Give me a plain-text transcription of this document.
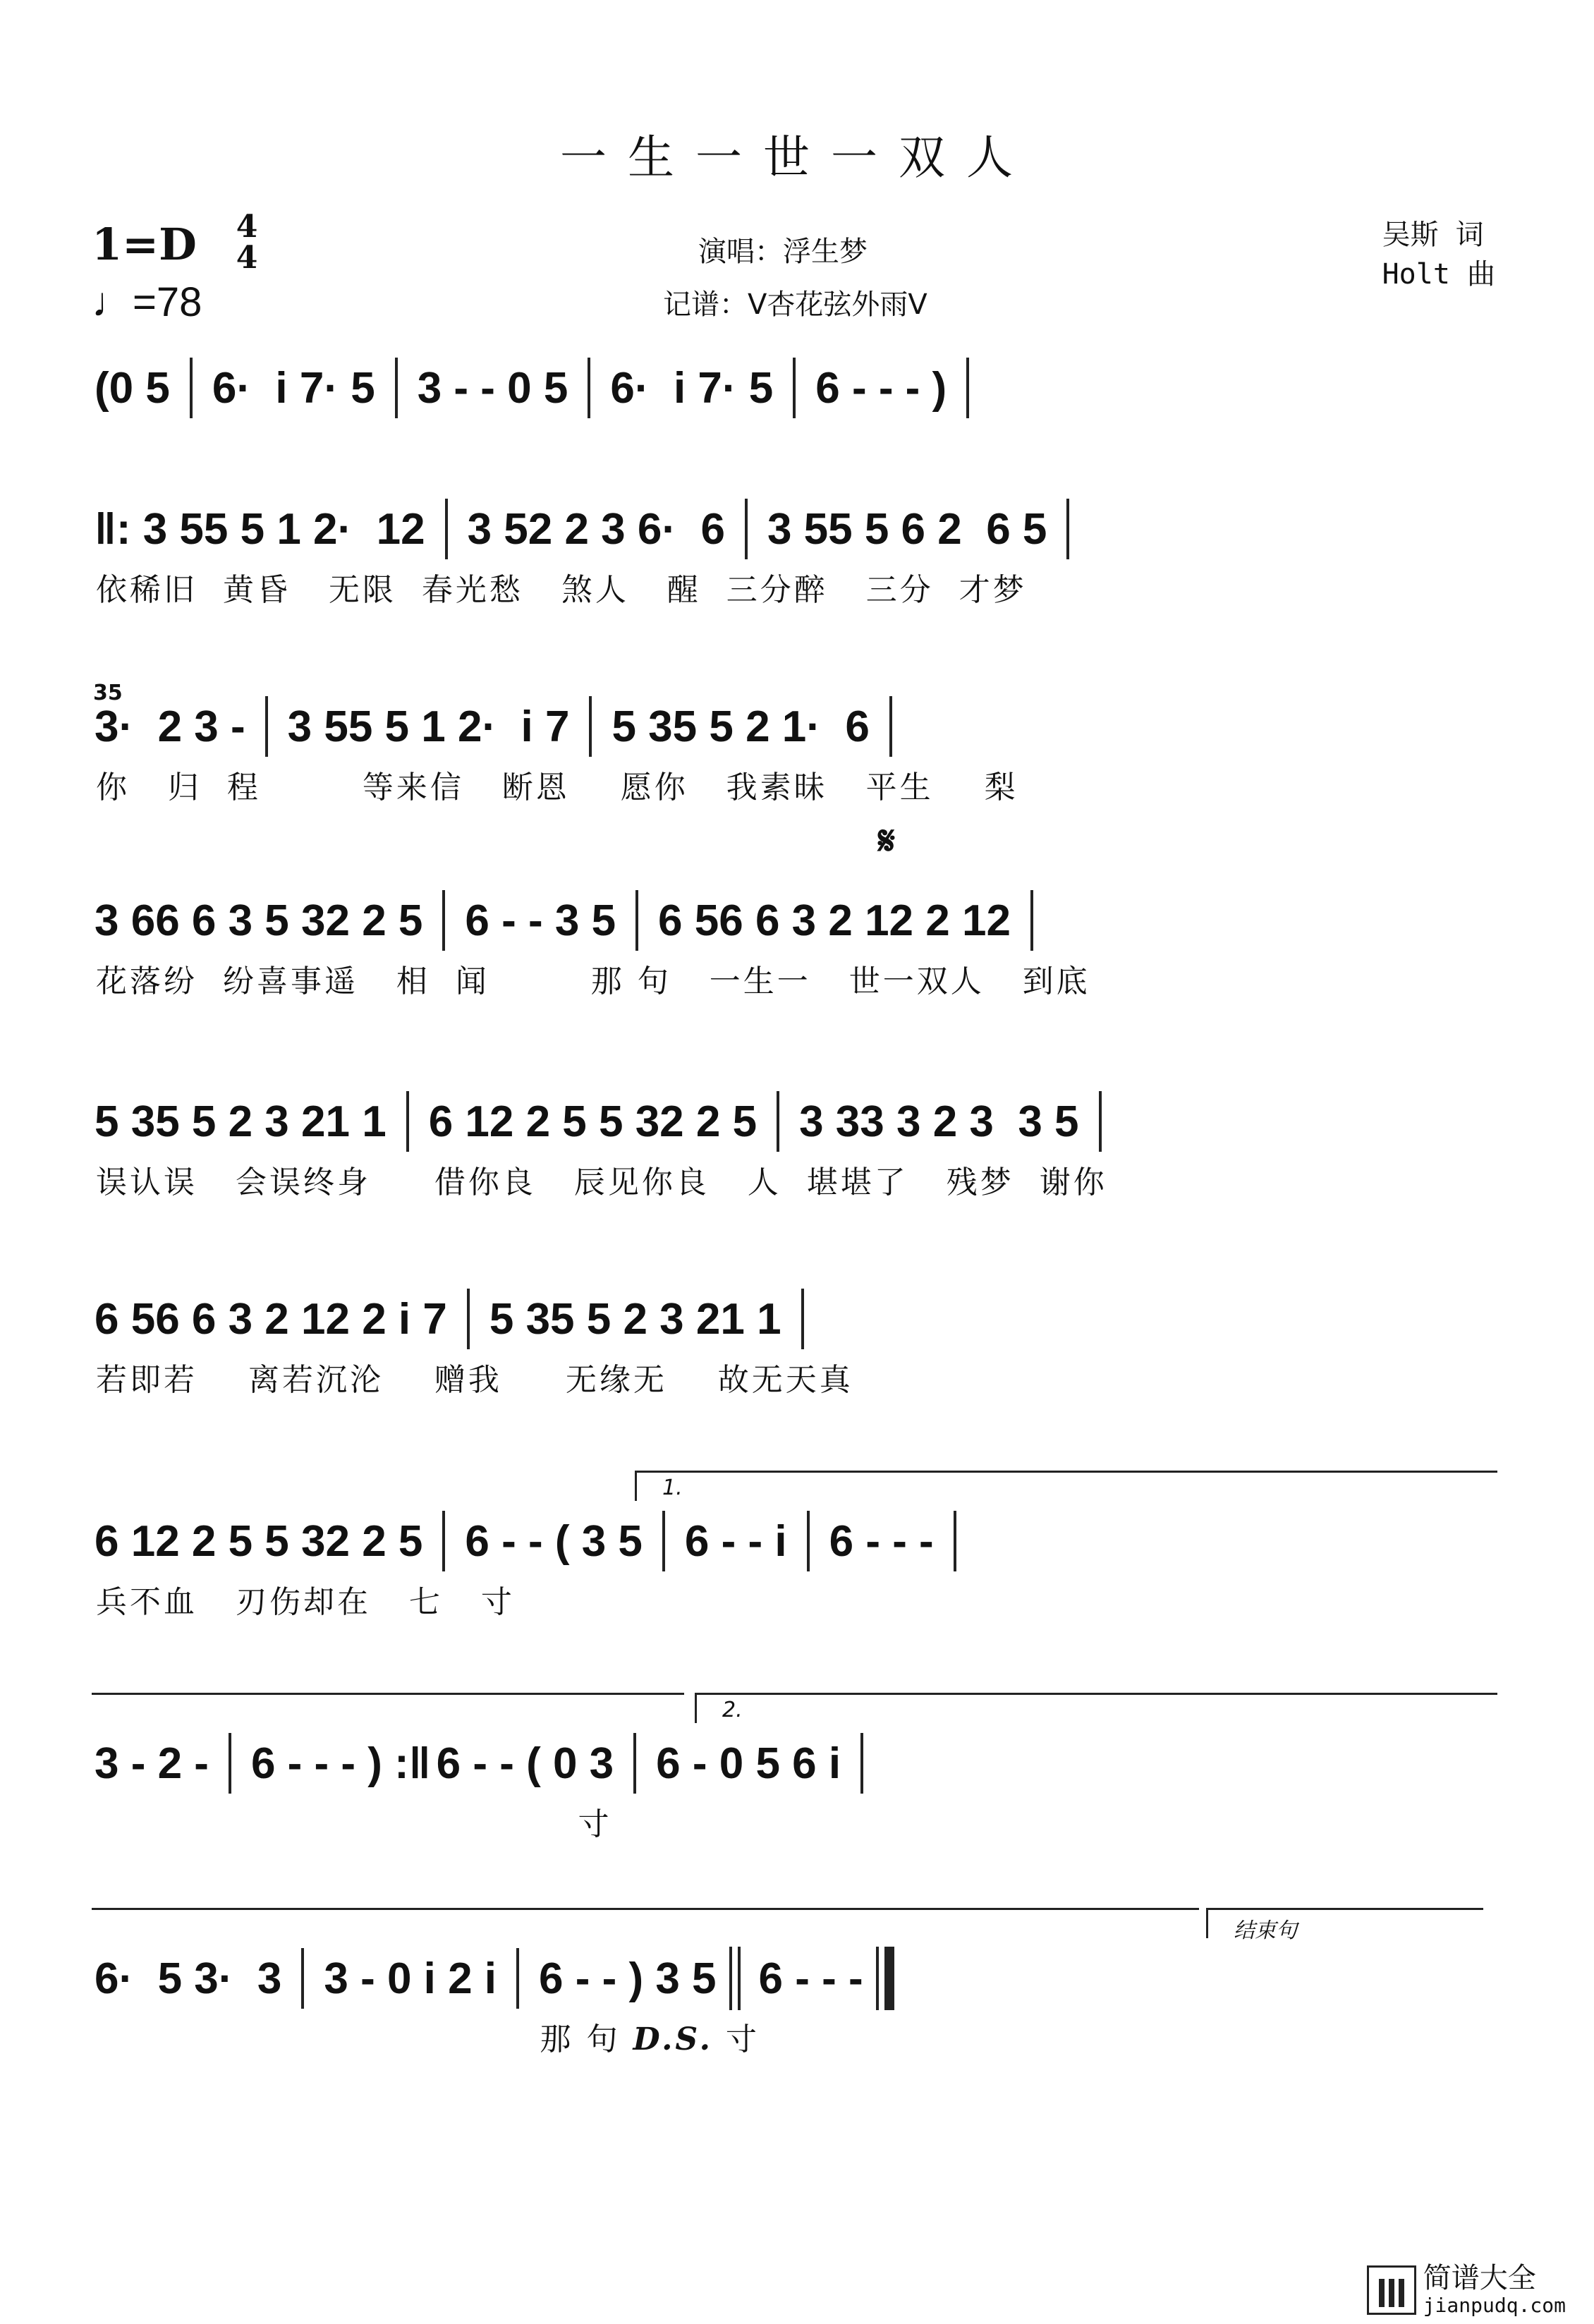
一生一世一双人
1=D 4
4
♩=78
演唱：浮生梦
记谱：V杏花弦外雨V
吴斯 词
Holt 曲
35
𝄋
1.
2.
结束句
(0 5 6·  i 7· 5 3 - - 0 5 6·  i 7· 5 6 - - - )
‖: 3 55 5 1 2·  12 3 52 2 3 6·  6 3 55 5 6 2  6 5
依稀旧  黄昏   无限  春光愁   煞人   醒  三分醉   三分  才梦
3·  2 3 - 3 55 5 1 2·  i 7 5 35 5 2 1·  6
你   归  程        等来信   断恩    愿你   我素昧   平生    梨
3 66 6 3 5 32 2 5 6 - - 3 5 6 56 6 3 2 12 2 12
花落纷  纷喜事遥   相  闻        那 句   一生一   世一双人   到底
5 35 5 2 3 21 1 6 12 2 5 5 32 2 5 3 33 3 2 3  3 5
误认误   会误终身     借你良   辰见你良   人  堪堪了   残梦  谢你
6 56 6 3 2 12 2 i 7 5 35 5 2 3 21 1
若即若    离若沉沦    赠我     无缘无    故无天真
6 12 2 5 5 32 2 5 6 - - ( 3 5 6 - - i 6 - - -
兵不血   刃伤却在   七   寸
3 - 2 - 6 - - - ) :‖ 6 - - ( 0 3 6 - 0 5 6 i
寸
6·  5 3·  3 3 - 0 i 2 i 6 - - ) 3 5 6 - - -
那 句 D.S. 寸
简谱大全
jianpudq.com
